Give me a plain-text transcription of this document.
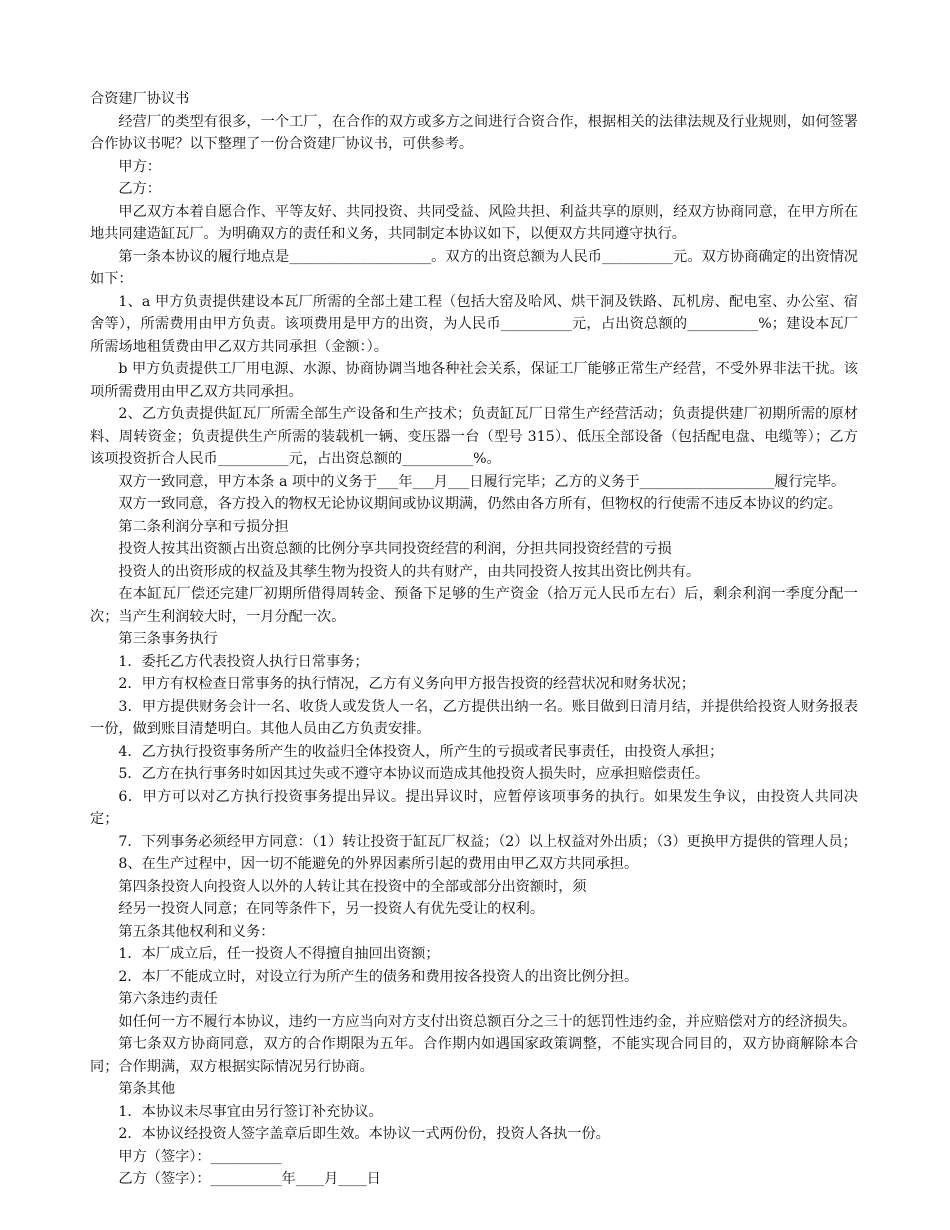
合资建厂协议书

经营厂的类型有很多，一个工厂，在合作的双方或多方之间进行合资合作，根据相关的法律法规及行业规则，如何签署合作协议书呢？以下整理了一份合资建厂协议书，可供参考。

甲方：

乙方：

甲乙双方本着自愿合作、平等友好、共同投资、共同受益、风险共担、利益共享的原则，经双方协商同意，在甲方所在地共同建造缸瓦厂。为明确双方的责任和义务，共同制定本协议如下，以便双方共同遵守执行。

第一条本协议的履行地点是____________________。双方的出资总额为人民币__________元。双方协商确定的出资情况如下：

1、a 甲方负责提供建设本瓦厂所需的全部土建工程（包括大窑及哈风、烘干洞及铁路、瓦机房、配电室、办公室、宿舍等），所需费用由甲方负责。该项费用是甲方的出资，为人民币__________元，占出资总额的__________%；建设本瓦厂所需场地租赁费由甲乙双方共同承担（金额：）。

b 甲方负责提供工厂用电源、水源、协商协调当地各种社会关系，保证工厂能够正常生产经营，不受外界非法干扰。该项所需费用由甲乙双方共同承担。

2、乙方负责提供缸瓦厂所需全部生产设备和生产技术；负责缸瓦厂日常生产经营活动；负责提供建厂初期所需的原材料、周转资金；负责提供生产所需的装载机一辆、变压器一台（型号 315）、低压全部设备（包括配电盘、电缆等）；乙方该项投资折合人民币__________元，占出资总额的__________%。

双方一致同意，甲方本条 a 项中的义务于___年___月___日履行完毕；乙方的义务于___________________履行完毕。

双方一致同意，各方投入的物权无论协议期间或协议期满，仍然由各方所有，但物权的行使需不违反本协议的约定。

第二条利润分享和亏损分担

投资人按其出资额占出资总额的比例分享共同投资经营的利润，分担共同投资经营的亏损

投资人的出资形成的权益及其孳生物为投资人的共有财产，由共同投资人按其出资比例共有。

在本缸瓦厂偿还完建厂初期所借得周转金、预备下足够的生产资金（拾万元人民币左右）后，剩余利润一季度分配一次；当产生利润较大时，一月分配一次。

第三条事务执行

1．委托乙方代表投资人执行日常事务；

2．甲方有权检查日常事务的执行情况，乙方有义务向甲方报告投资的经营状况和财务状况；

3．甲方提供财务会计一名、收货人或发货人一名，乙方提供出纳一名。账目做到日清月结，并提供给投资人财务报表一份，做到账目清楚明白。其他人员由乙方负责安排。

4．乙方执行投资事务所产生的收益归全体投资人，所产生的亏损或者民事责任，由投资人承担；

5．乙方在执行事务时如因其过失或不遵守本协议而造成其他投资人损失时，应承担赔偿责任。

6．甲方可以对乙方执行投资事务提出异议。提出异议时，应暂停该项事务的执行。如果发生争议，由投资人共同决定；

7．下列事务必须经甲方同意：（1）转让投资于缸瓦厂权益；（2）以上权益对外出质；（3）更换甲方提供的管理人员；

8、在生产过程中，因一切不能避免的外界因素所引起的费用由甲乙双方共同承担。

第四条投资人向投资人以外的人转让其在投资中的全部或部分出资额时，须

经另一投资人同意；在同等条件下，另一投资人有优先受让的权利。

第五条其他权利和义务：

1．本厂成立后，任一投资人不得擅自抽回出资额；

2．本厂不能成立时，对设立行为所产生的债务和费用按各投资人的出资比例分担。

第六条违约责任

如任何一方不履行本协议，违约一方应当向对方支付出资总额百分之三十的惩罚性违约金，并应赔偿对方的经济损失。

第七条双方协商同意，双方的合作期限为五年。合作期内如遇国家政策调整，不能实现合同目的，双方协商解除本合同；合作期满，双方根据实际情况另行协商。

第条其他

1．本协议未尽事宜由另行签订补充协议。

2．本协议经投资人签字盖章后即生效。本协议一式两份份，投资人各执一份。

甲方（签字）：__________

乙方（签字）：__________年____月____日
